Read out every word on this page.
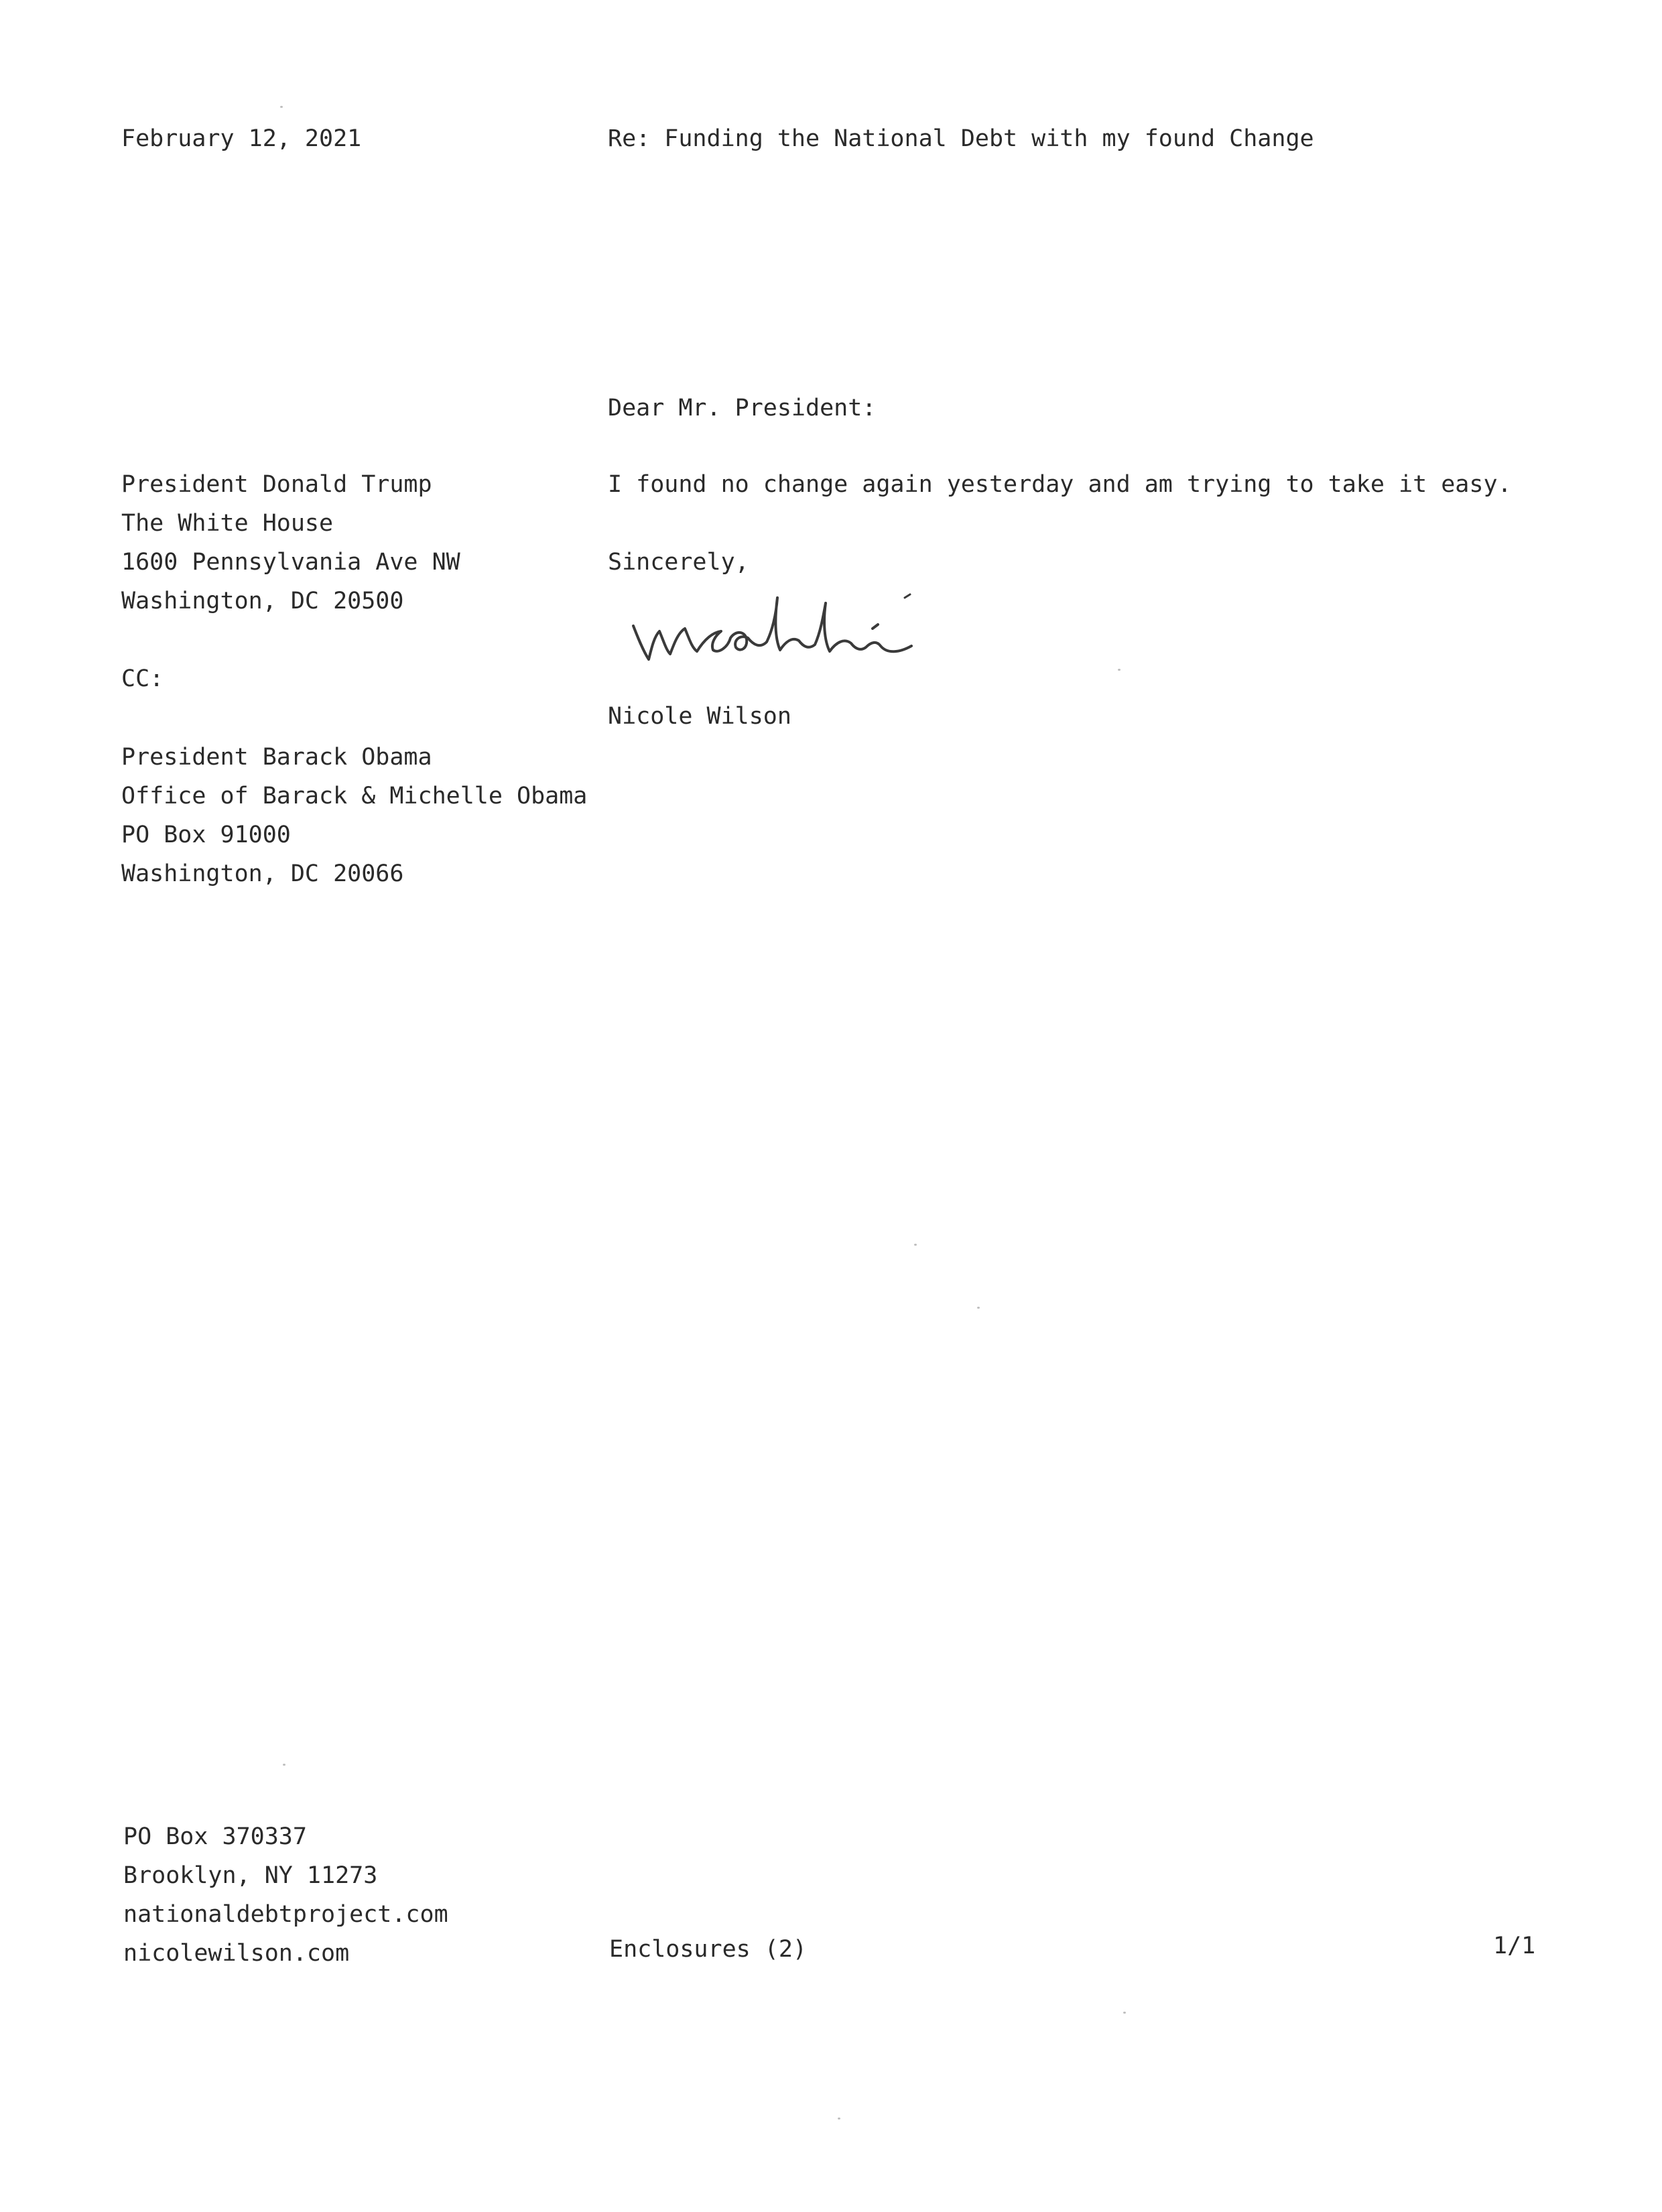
February 12, 2021	Re: Funding the National Debt with my found Change
President Donald Trump
The White House
1600 Pennsylvania Ave NW
Washington, DC 20500
CC:
President Barack Obama
Office of Barack & Michelle Obama
PO Box 91000
Washington, DC 20066
Dear Mr. President:
I found no change again yesterday and am trying to take it easy.
Sincerely,
Nicole Wilson
PO Box 370337
Brooklyn, NY 11273
nationaldebtproject.com
nicolewilson.com	Enclosures (2)	1/1
